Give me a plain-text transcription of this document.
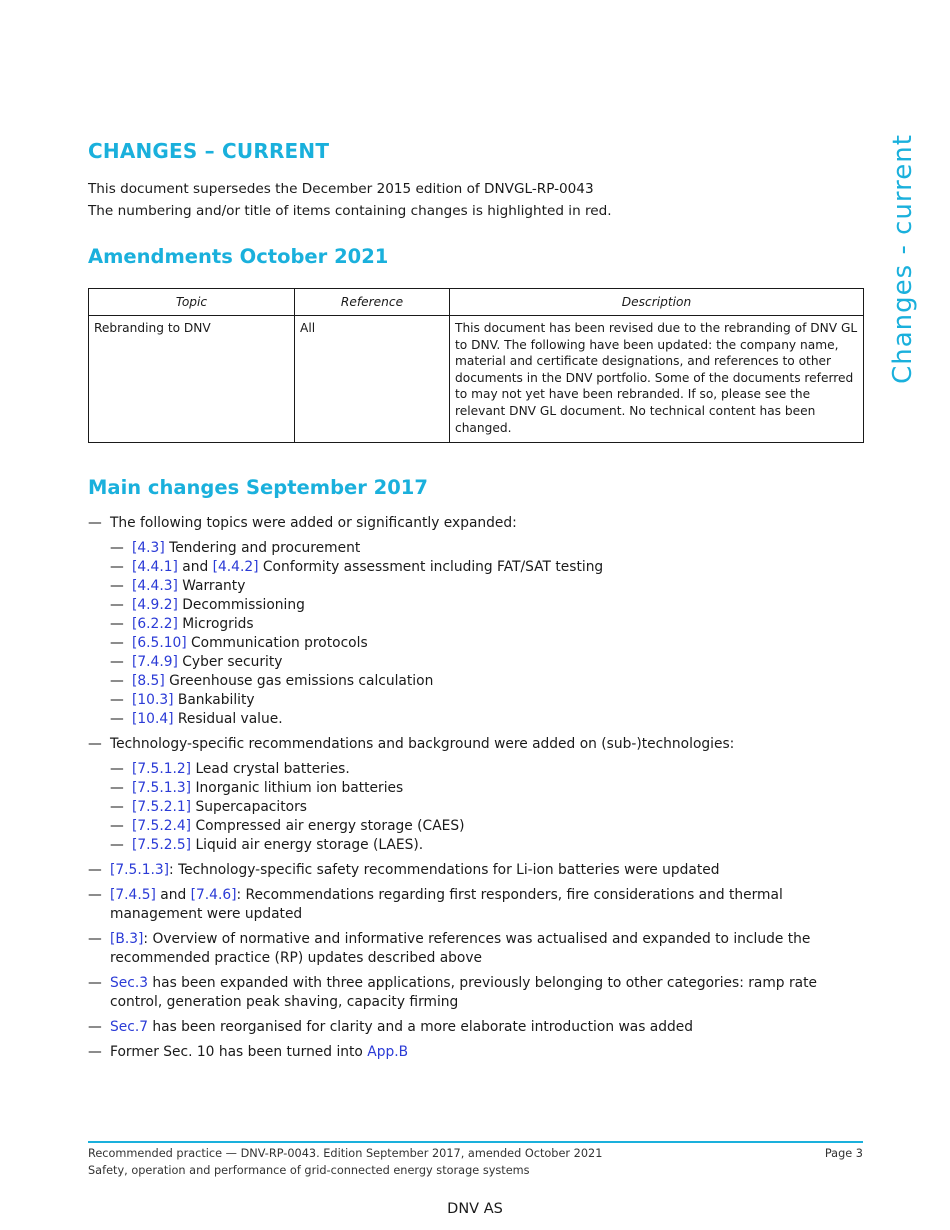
CHANGES – CURRENT
This document supersedes the December 2015 edition of DNVGL-RP-0043
The numbering and/or title of items containing changes is highlighted in red.	Changes - current
Amendments October 2021
Topic	Reference	Description
Rebranding to DNV	All	This document has been revised due to the rebranding of DNV GL to DNV. The following have been updated: the company name, material and certificate designations, and references to other documents in the DNV portfolio. Some of the documents referred to may not yet have been rebranded. If so, please see the relevant DNV GL document. No technical content has been changed.
Main changes September 2017
— The following topics were added or significantly expanded:
— [4.3] Tendering and procurement
— [4.4.1] and [4.4.2] Conformity assessment including FAT/SAT testing
— [4.4.3] Warranty
— [4.9.2] Decommissioning
— [6.2.2] Microgrids
— [6.5.10] Communication protocols
— [7.4.9] Cyber security
— [8.5] Greenhouse gas emissions calculation
— [10.3] Bankability
— [10.4] Residual value.
— Technology-specific recommendations and background were added on (sub-)technologies:
— [7.5.1.2] Lead crystal batteries.
— [7.5.1.3] Inorganic lithium ion batteries
— [7.5.2.1] Supercapacitors
— [7.5.2.4] Compressed air energy storage (CAES)
— [7.5.2.5] Liquid air energy storage (LAES).
— [7.5.1.3]: Technology-specific safety recommendations for Li-ion batteries were updated
— [7.4.5] and [7.4.6]: Recommendations regarding first responders, fire considerations and thermal management were updated
— [B.3]: Overview of normative and informative references was actualised and expanded to include the recommended practice (RP) updates described above
— Sec.3 has been expanded with three applications, previously belonging to other categories: ramp rate control, generation peak shaving, capacity firming
— Sec.7 has been reorganised for clarity and a more elaborate introduction was added
— Former Sec. 10 has been turned into App.B
Recommended practice — DNV-RP-0043. Edition September 2017, amended October 2021
Safety, operation and performance of grid-connected energy storage systems
Page 3
DNV AS
